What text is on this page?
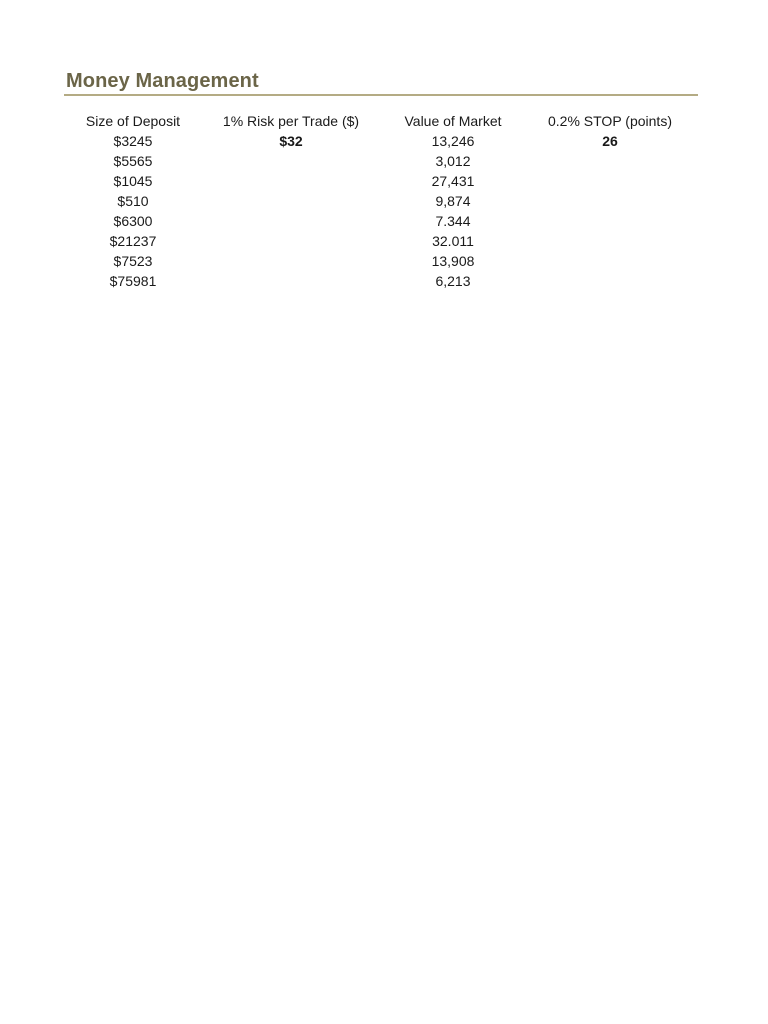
Money Management
Size of Deposit	1% Risk per Trade ($)	Value of Market	0.2% STOP (points)
$3245	$32	13,246	26
$5565		3,012	
$1045		27,431	
$510		9,874	
$6300		7.344	
$21237		32.011	
$7523		13,908	
$75981		6,213	
